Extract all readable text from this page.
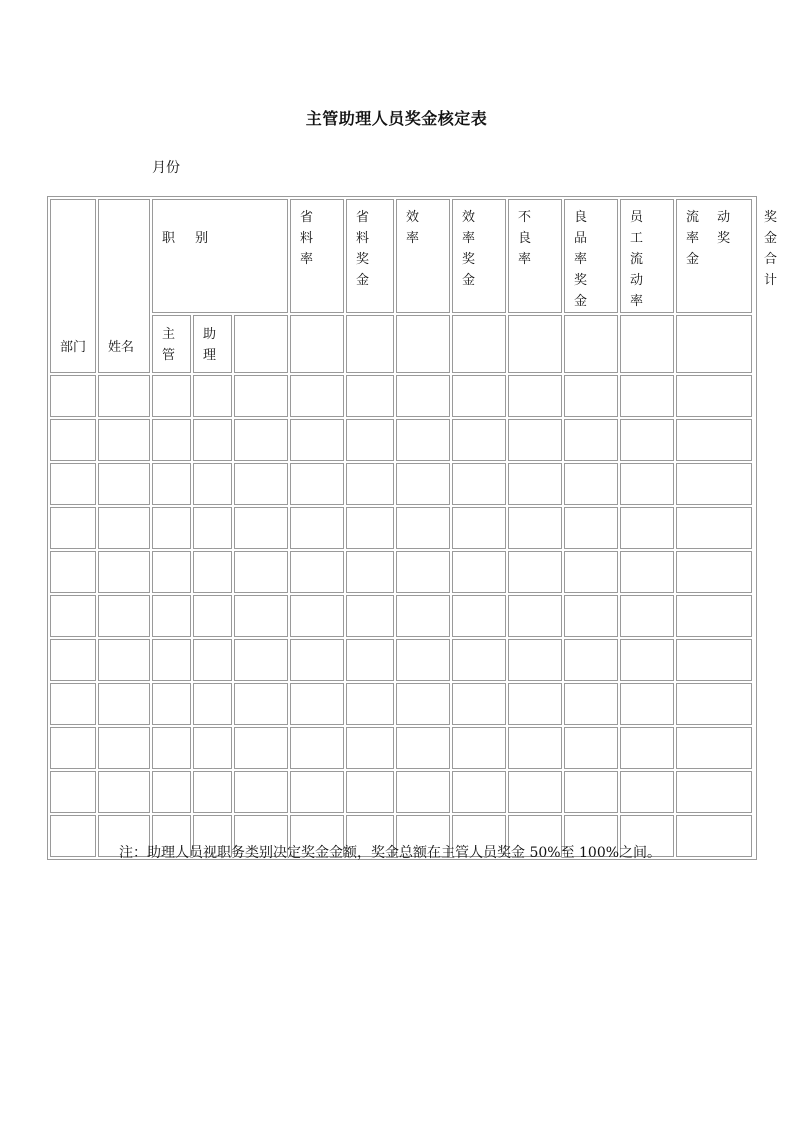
主管助理人员奖金核定表
月份
部门	姓名	职 别			省 料 率	省 料 奖金	效 率	效 率 奖金	不 良 率	良 品 率 奖 金	员 工 流 动 率	流 动 率 奖 金	奖金 合计

		主 管	助 理										

注：助理人员视职务类别决定奖金金额，奖金总额在主管人员奖金 50%至 100%之间。
